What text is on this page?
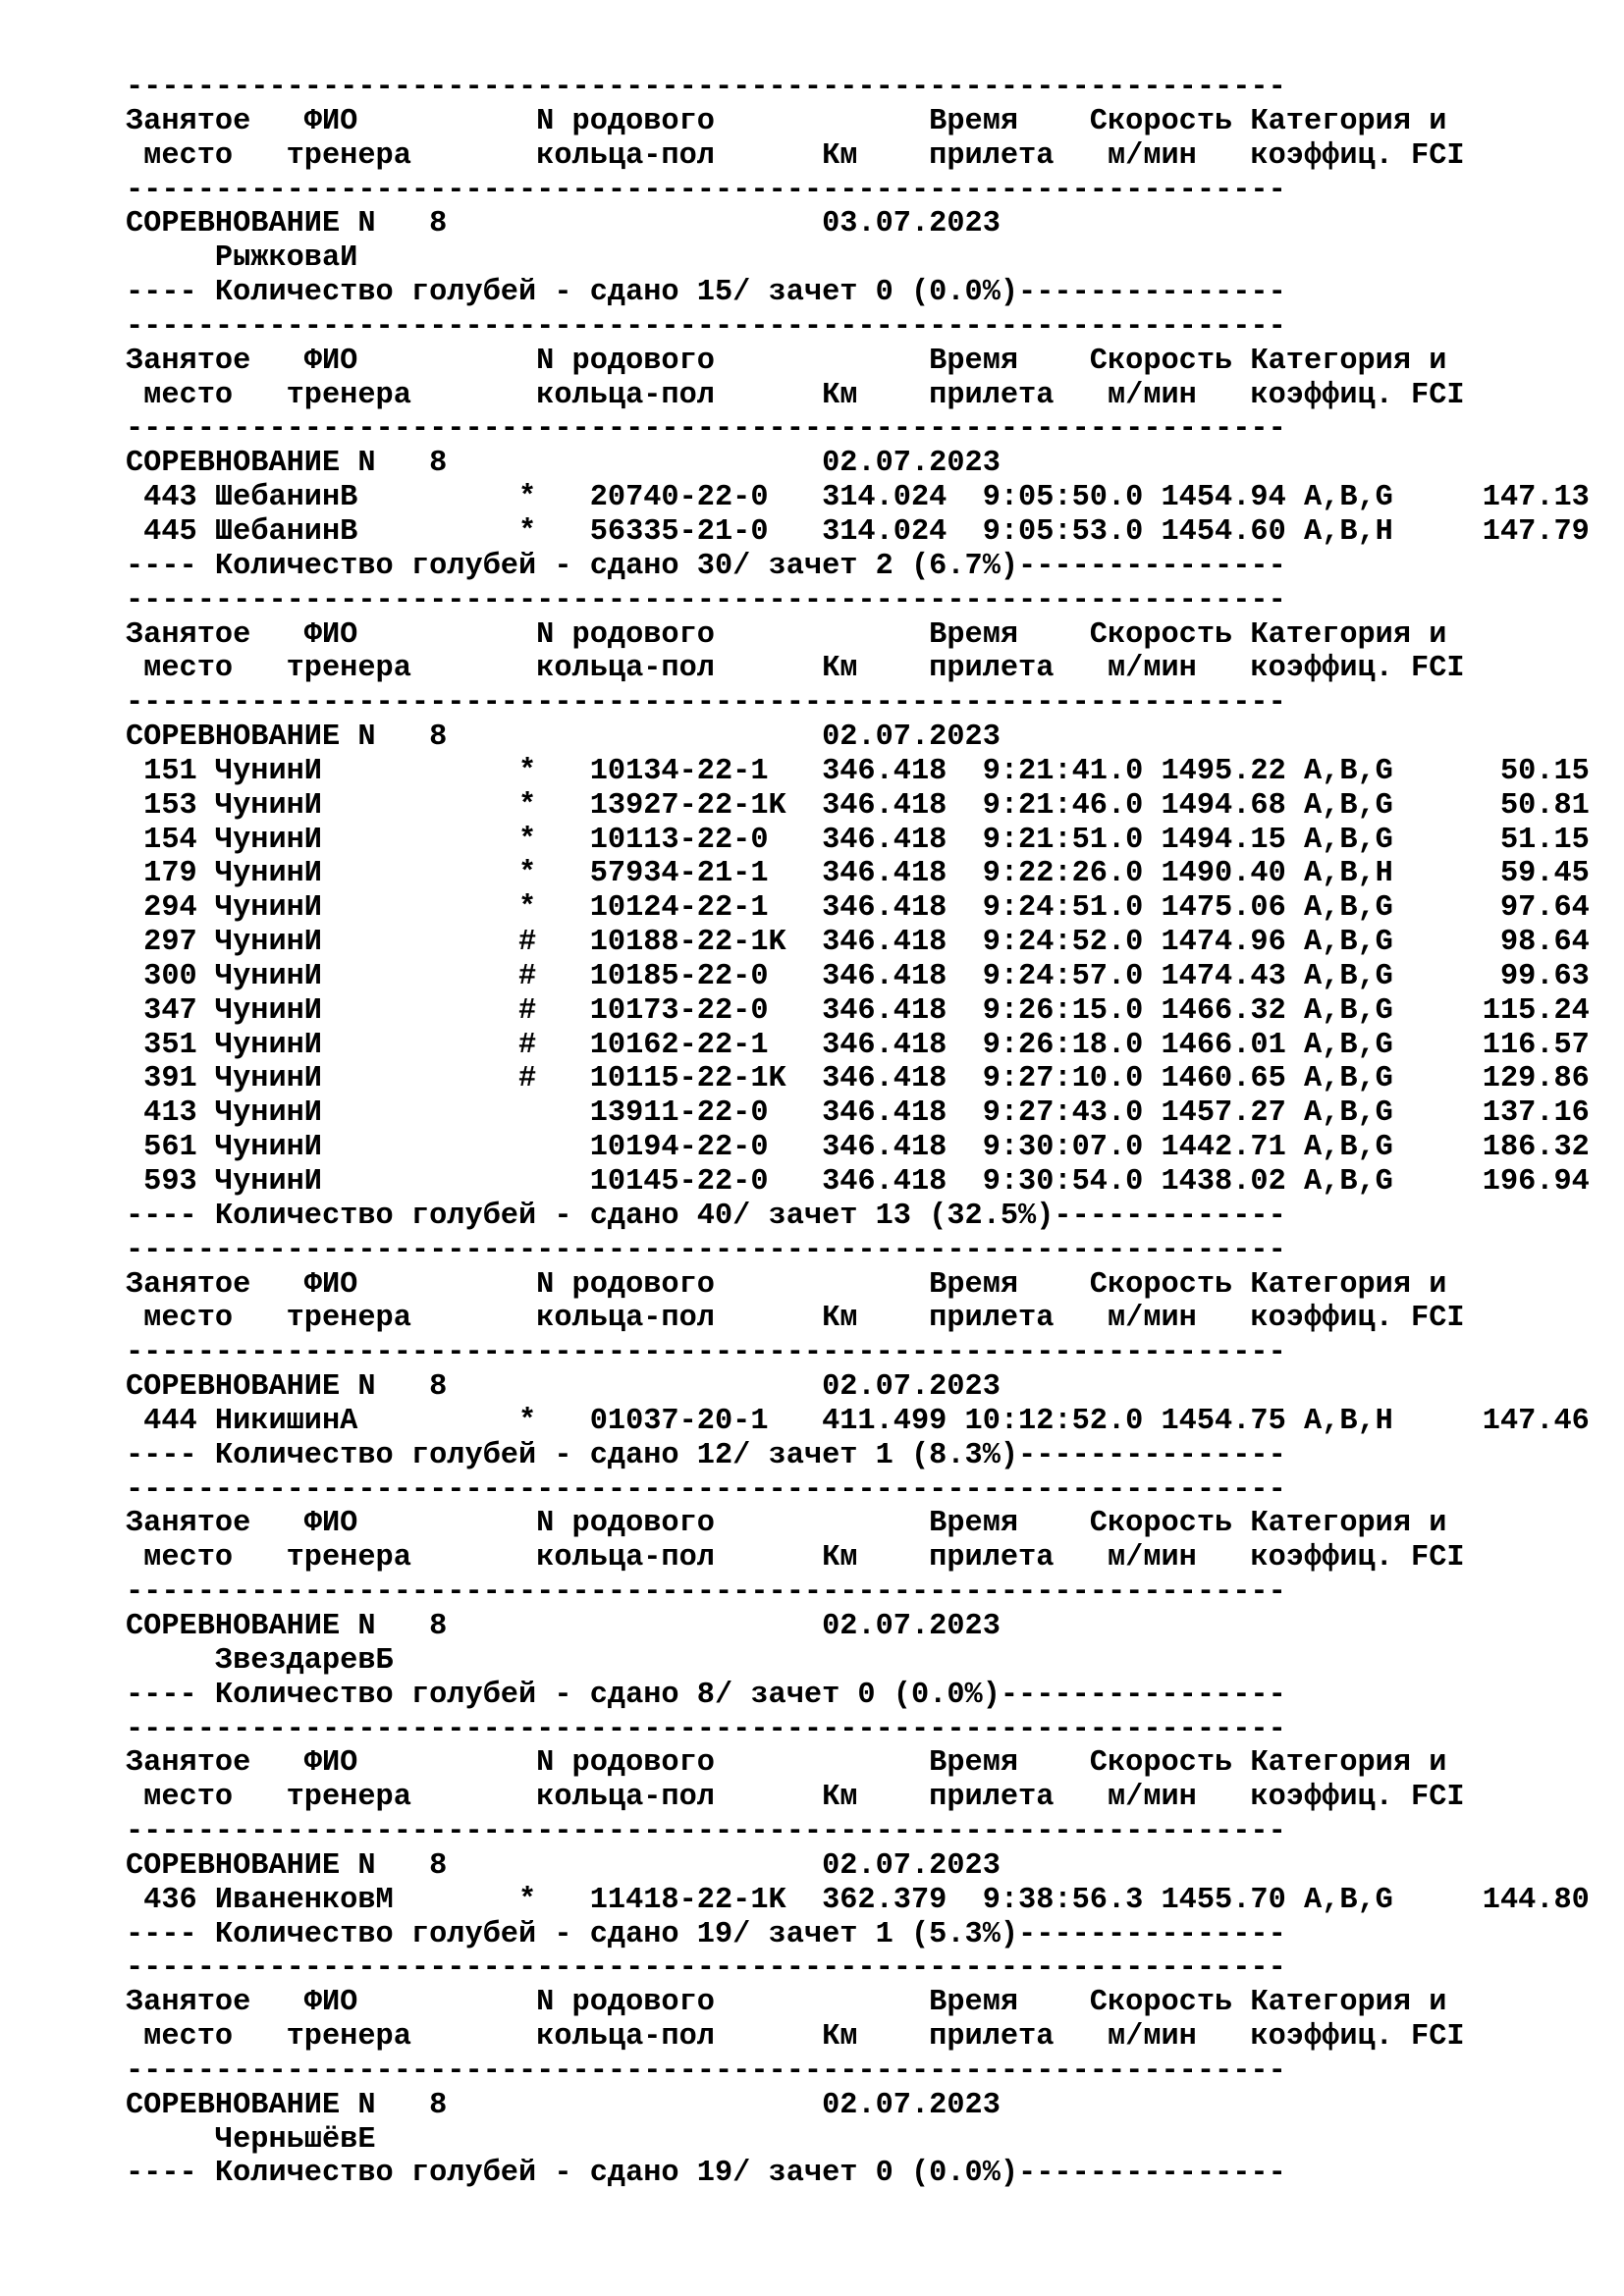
-----------------------------------------------------------------
Занятое   ФИО          N родового            Время    Скорость Категория и
место   тренера       кольца-пол      Км    прилета   м/мин   коэффиц. FCI
-----------------------------------------------------------------
СОРЕВНОВАНИЕ N   8                     03.07.2023
РыжковаИ
---- Количество голубей - сдано 15/ зачет 0 (0.0%)---------------
-----------------------------------------------------------------
Занятое   ФИО          N родового            Время    Скорость Категория и
место   тренера       кольца-пол      Км    прилета   м/мин   коэффиц. FCI
-----------------------------------------------------------------
СОРЕВНОВАНИЕ N   8                     02.07.2023
443 ШебанинВ         *   20740-22-0   314.024  9:05:50.0 1454.94 A,B,G     147.13
445 ШебанинВ         *   56335-21-0   314.024  9:05:53.0 1454.60 A,B,H     147.79
---- Количество голубей - сдано 30/ зачет 2 (6.7%)---------------
-----------------------------------------------------------------
Занятое   ФИО          N родового            Время    Скорость Категория и
место   тренера       кольца-пол      Км    прилета   м/мин   коэффиц. FCI
-----------------------------------------------------------------
СОРЕВНОВАНИЕ N   8                     02.07.2023
151 ЧунинИ           *   10134-22-1   346.418  9:21:41.0 1495.22 A,B,G      50.15
153 ЧунинИ           *   13927-22-1K  346.418  9:21:46.0 1494.68 A,B,G      50.81
154 ЧунинИ           *   10113-22-0   346.418  9:21:51.0 1494.15 A,B,G      51.15
179 ЧунинИ           *   57934-21-1   346.418  9:22:26.0 1490.40 A,B,H      59.45
294 ЧунинИ           *   10124-22-1   346.418  9:24:51.0 1475.06 A,B,G      97.64
297 ЧунинИ           #   10188-22-1K  346.418  9:24:52.0 1474.96 A,B,G      98.64
300 ЧунинИ           #   10185-22-0   346.418  9:24:57.0 1474.43 A,B,G      99.63
347 ЧунинИ           #   10173-22-0   346.418  9:26:15.0 1466.32 A,B,G     115.24
351 ЧунинИ           #   10162-22-1   346.418  9:26:18.0 1466.01 A,B,G     116.57
391 ЧунинИ           #   10115-22-1K  346.418  9:27:10.0 1460.65 A,B,G     129.86
413 ЧунинИ               13911-22-0   346.418  9:27:43.0 1457.27 A,B,G     137.16
561 ЧунинИ               10194-22-0   346.418  9:30:07.0 1442.71 A,B,G     186.32
593 ЧунинИ               10145-22-0   346.418  9:30:54.0 1438.02 A,B,G     196.94
---- Количество голубей - сдано 40/ зачет 13 (32.5%)-------------
-----------------------------------------------------------------
Занятое   ФИО          N родового            Время    Скорость Категория и
место   тренера       кольца-пол      Км    прилета   м/мин   коэффиц. FCI
-----------------------------------------------------------------
СОРЕВНОВАНИЕ N   8                     02.07.2023
444 НикишинА         *   01037-20-1   411.499 10:12:52.0 1454.75 A,B,H     147.46
---- Количество голубей - сдано 12/ зачет 1 (8.3%)---------------
-----------------------------------------------------------------
Занятое   ФИО          N родового            Время    Скорость Категория и
место   тренера       кольца-пол      Км    прилета   м/мин   коэффиц. FCI
-----------------------------------------------------------------
СОРЕВНОВАНИЕ N   8                     02.07.2023
ЗвездаревБ
---- Количество голубей - сдано 8/ зачет 0 (0.0%)----------------
-----------------------------------------------------------------
Занятое   ФИО          N родового            Время    Скорость Категория и
место   тренера       кольца-пол      Км    прилета   м/мин   коэффиц. FCI
-----------------------------------------------------------------
СОРЕВНОВАНИЕ N   8                     02.07.2023
436 ИваненковМ       *   11418-22-1K  362.379  9:38:56.3 1455.70 A,B,G     144.80
---- Количество голубей - сдано 19/ зачет 1 (5.3%)---------------
-----------------------------------------------------------------
Занятое   ФИО          N родового            Время    Скорость Категория и
место   тренера       кольца-пол      Км    прилета   м/мин   коэффиц. FCI
-----------------------------------------------------------------
СОРЕВНОВАНИЕ N   8                     02.07.2023
ЧерньшёвЕ
---- Количество голубей - сдано 19/ зачет 0 (0.0%)---------------
